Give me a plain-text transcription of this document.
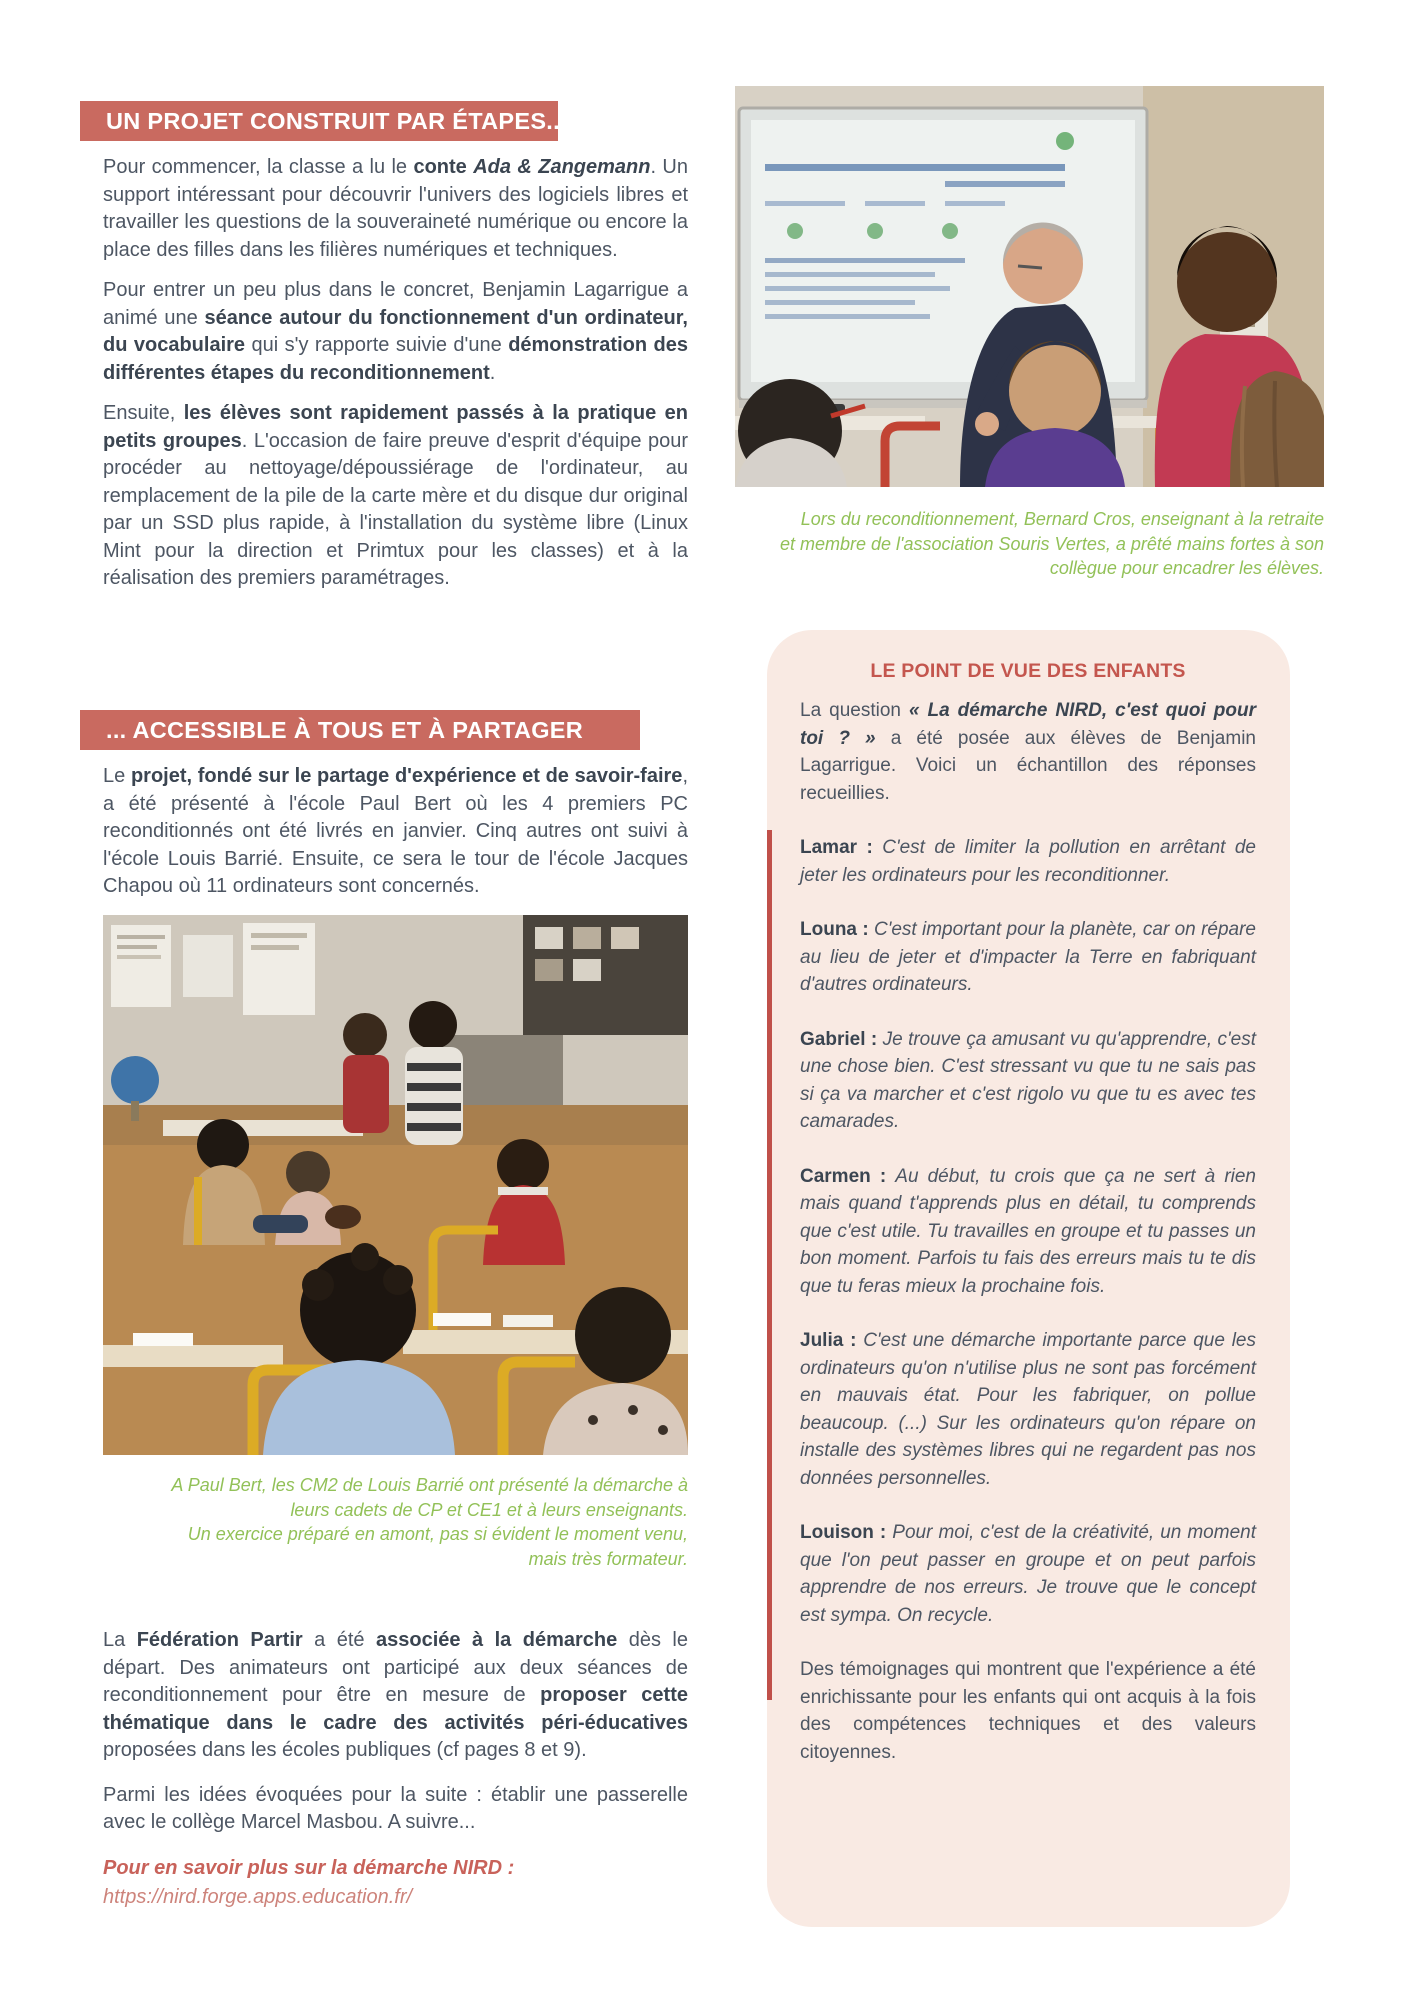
UN PROJET CONSTRUIT PAR ÉTAPES...

Pour commencer, la classe a lu le conte Ada & Zangemann. Un support intéressant pour découvrir l'univers des logiciels libres et travailler les questions de la souveraineté numérique ou encore la place des filles dans les filières numériques et techniques.

Pour entrer un peu plus dans le concret, Benjamin Lagarrigue a animé une séance autour du fonctionnement d'un ordinateur, du vocabulaire qui s'y rapporte suivie d'une démonstration des différentes étapes du reconditionnement.

Ensuite, les élèves sont rapidement passés à la pratique en petits groupes. L'occasion de faire preuve d'esprit d'équipe pour procéder au nettoyage/dépoussiérage de l'ordinateur, au remplacement de la pile de la carte mère et du disque dur original par un SSD plus rapide, à l'installation du système libre (Linux Mint pour la direction et Primtux pour les classes) et à la réalisation des premiers paramétrages.

... ACCESSIBLE À TOUS ET À PARTAGER

Le projet, fondé sur le partage d'expérience et de savoir-faire, a été présenté à l'école Paul Bert où les 4 premiers PC reconditionnés ont été livrés en janvier. Cinq autres ont suivi à l'école Louis Barrié. Ensuite, ce sera le tour de l'école Jacques Chapou où 11 ordinateurs sont concernés.

A Paul Bert, les CM2 de Louis Barrié ont présenté la démarche à
leurs cadets de CP et CE1 et à leurs enseignants.
Un exercice préparé en amont, pas si évident le moment venu,
mais très formateur.

La Fédération Partir a été associée à la démarche dès le départ. Des animateurs ont participé aux deux séances de reconditionnement pour être en mesure de proposer cette thématique dans le cadre des activités péri-éducatives proposées dans les écoles publiques (cf pages 8 et 9).

Parmi les idées évoquées pour la suite : établir une passerelle avec le collège Marcel Masbou. A suivre...

Pour en savoir plus sur la démarche NIRD :
https://nird.forge.apps.education.fr/

Lors du reconditionnement, Bernard Cros, enseignant à la retraite
et membre de l'association Souris Vertes, a prêté mains fortes à son
collègue pour encadrer les élèves.
LE POINT DE VUE DES ENFANTS

La question « La démarche NIRD, c'est quoi pour toi ? » a été posée aux élèves de Benjamin Lagarrigue. Voici un échantillon des réponses recueillies.

Lamar : C'est de limiter la pollution en arrêtant de jeter les ordinateurs pour les reconditionner.

Louna : C'est important pour la planète, car on répare au lieu de jeter et d'impacter la Terre en fabriquant d'autres ordinateurs.

Gabriel : Je trouve ça amusant vu qu'apprendre, c'est une chose bien. C'est stressant vu que tu ne sais pas si ça va marcher et c'est rigolo vu que tu es avec tes camarades.

Carmen : Au début, tu crois que ça ne sert à rien mais quand t'apprends plus en détail, tu comprends que c'est utile. Tu travailles en groupe et tu passes un bon moment. Parfois tu fais des erreurs mais tu te dis que tu feras mieux la prochaine fois.

Julia : C'est une démarche importante parce que les ordinateurs qu'on n'utilise plus ne sont pas forcément en mauvais état. Pour les fabriquer, on pollue beaucoup. (...) Sur les ordinateurs qu'on répare on installe des systèmes libres qui ne regardent pas nos données personnelles.

Louison : Pour moi, c'est de la créativité, un moment que l'on peut passer en groupe et on peut parfois apprendre de nos erreurs. Je trouve que le concept est sympa. On recycle.

Des témoignages qui montrent que l'expérience a été enrichissante pour les enfants qui ont acquis à la fois des compétences techniques et des valeurs citoyennes.
